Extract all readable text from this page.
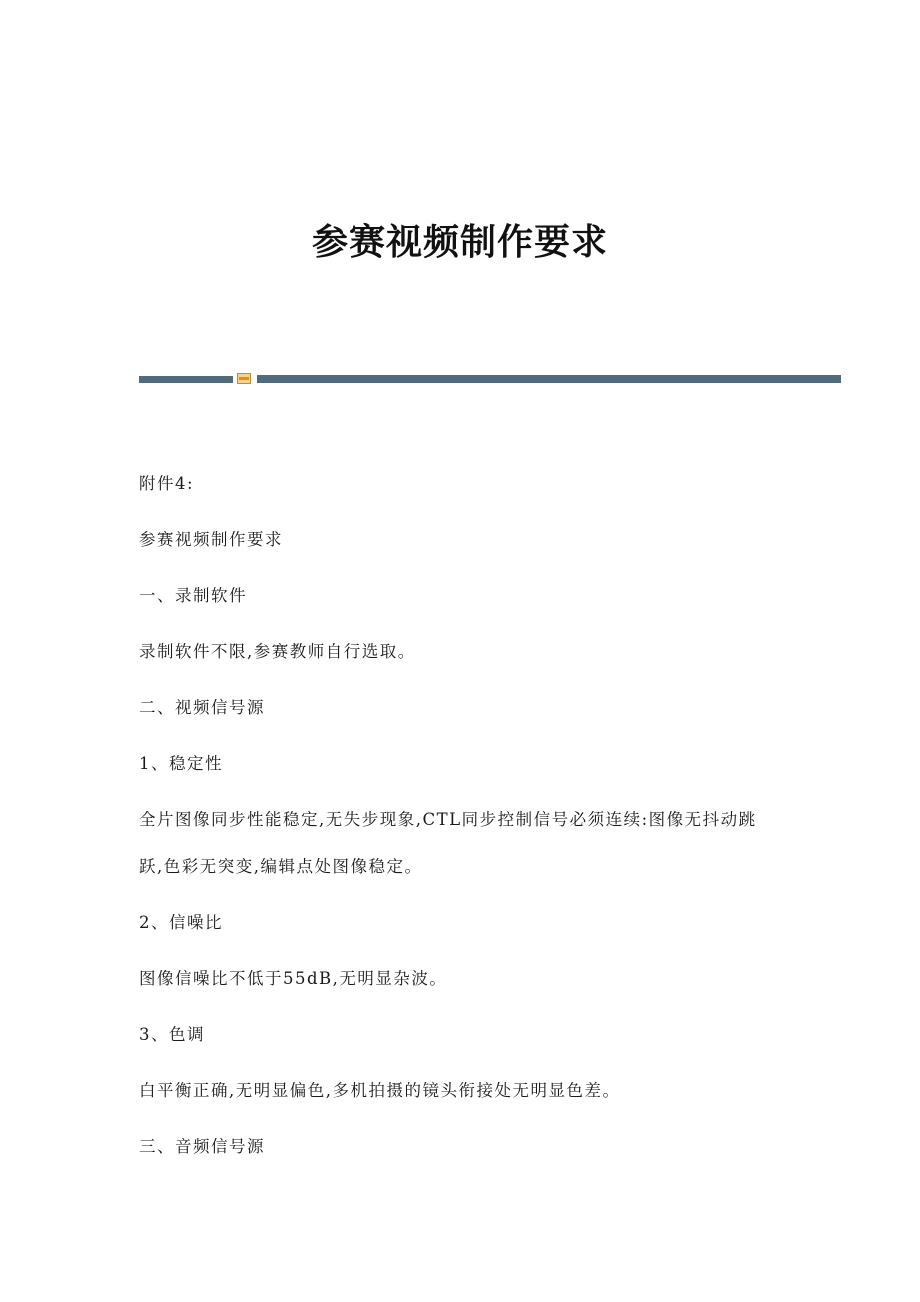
参赛视频制作要求
附件4:
参赛视频制作要求
一、录制软件
录制软件不限,参赛教师自行选取。
二、视频信号源
1、稳定性
全片图像同步性能稳定,无失步现象,CTL同步控制信号必须连续:图像无抖动跳
跃,色彩无突变,编辑点处图像稳定。
2、信噪比
图像信噪比不低于55dB,无明显杂波。
3、色调
白平衡正确,无明显偏色,多机拍摄的镜头衔接处无明显色差。
三、音频信号源
